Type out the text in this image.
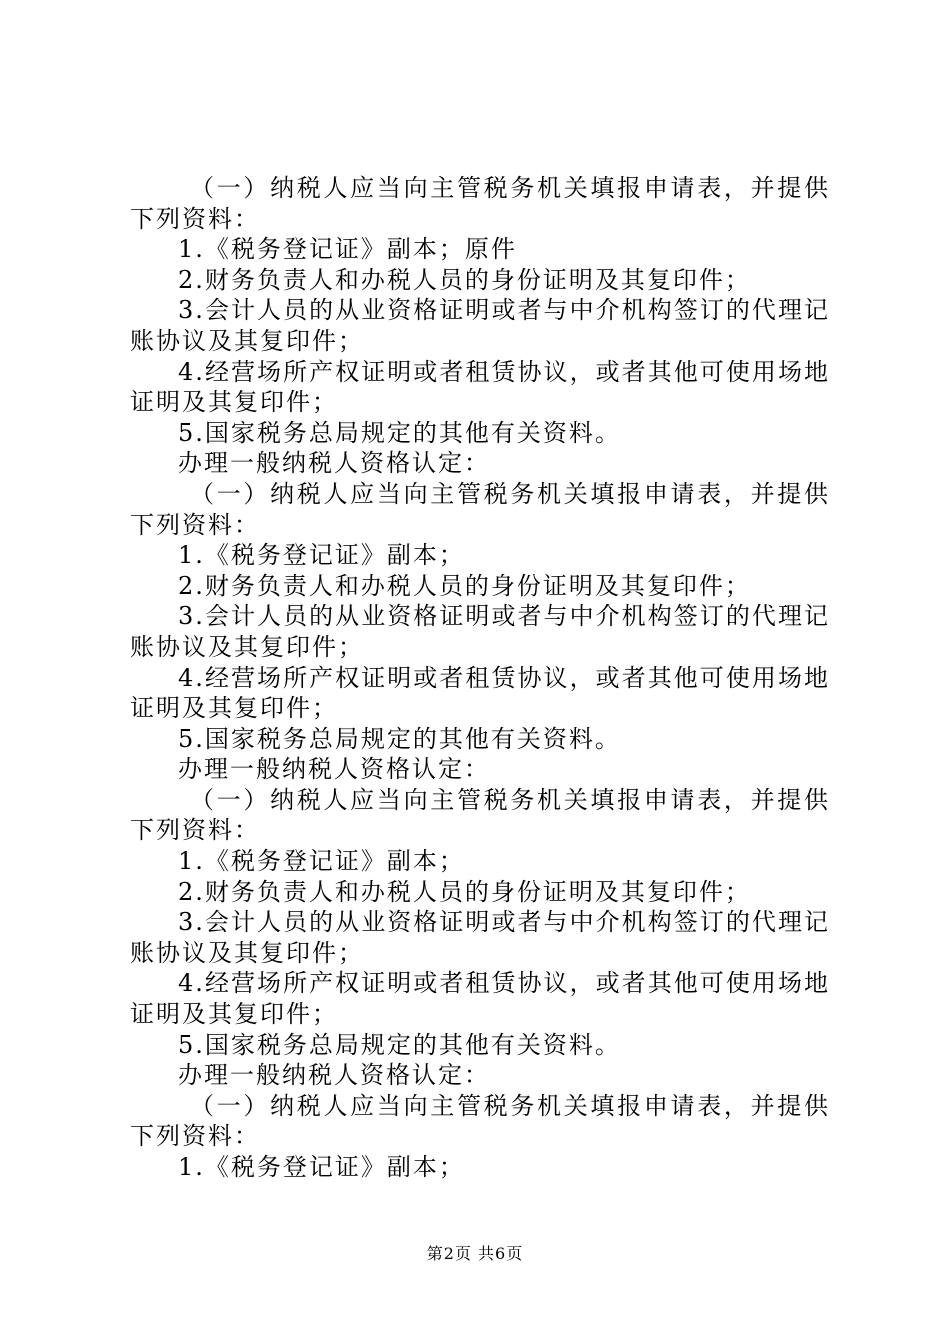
（一）纳税人应当向主管税务机关填报申请表，并提供下列资料：

1.《税务登记证》副本；原件

2.财务负责人和办税人员的身份证明及其复印件；

3.会计人员的从业资格证明或者与中介机构签订的代理记账协议及其复印件；

4.经营场所产权证明或者租赁协议，或者其他可使用场地证明及其复印件；

5.国家税务总局规定的其他有关资料。

办理一般纳税人资格认定：

（一）纳税人应当向主管税务机关填报申请表，并提供下列资料：

1.《税务登记证》副本；

2.财务负责人和办税人员的身份证明及其复印件；

3.会计人员的从业资格证明或者与中介机构签订的代理记账协议及其复印件；

4.经营场所产权证明或者租赁协议，或者其他可使用场地证明及其复印件；

5.国家税务总局规定的其他有关资料。

办理一般纳税人资格认定：

（一）纳税人应当向主管税务机关填报申请表，并提供下列资料：

1.《税务登记证》副本；

2.财务负责人和办税人员的身份证明及其复印件；

3.会计人员的从业资格证明或者与中介机构签订的代理记账协议及其复印件；

4.经营场所产权证明或者租赁协议，或者其他可使用场地证明及其复印件；

5.国家税务总局规定的其他有关资料。

办理一般纳税人资格认定：

（一）纳税人应当向主管税务机关填报申请表，并提供下列资料：

1.《税务登记证》副本；

第2页 共6页
